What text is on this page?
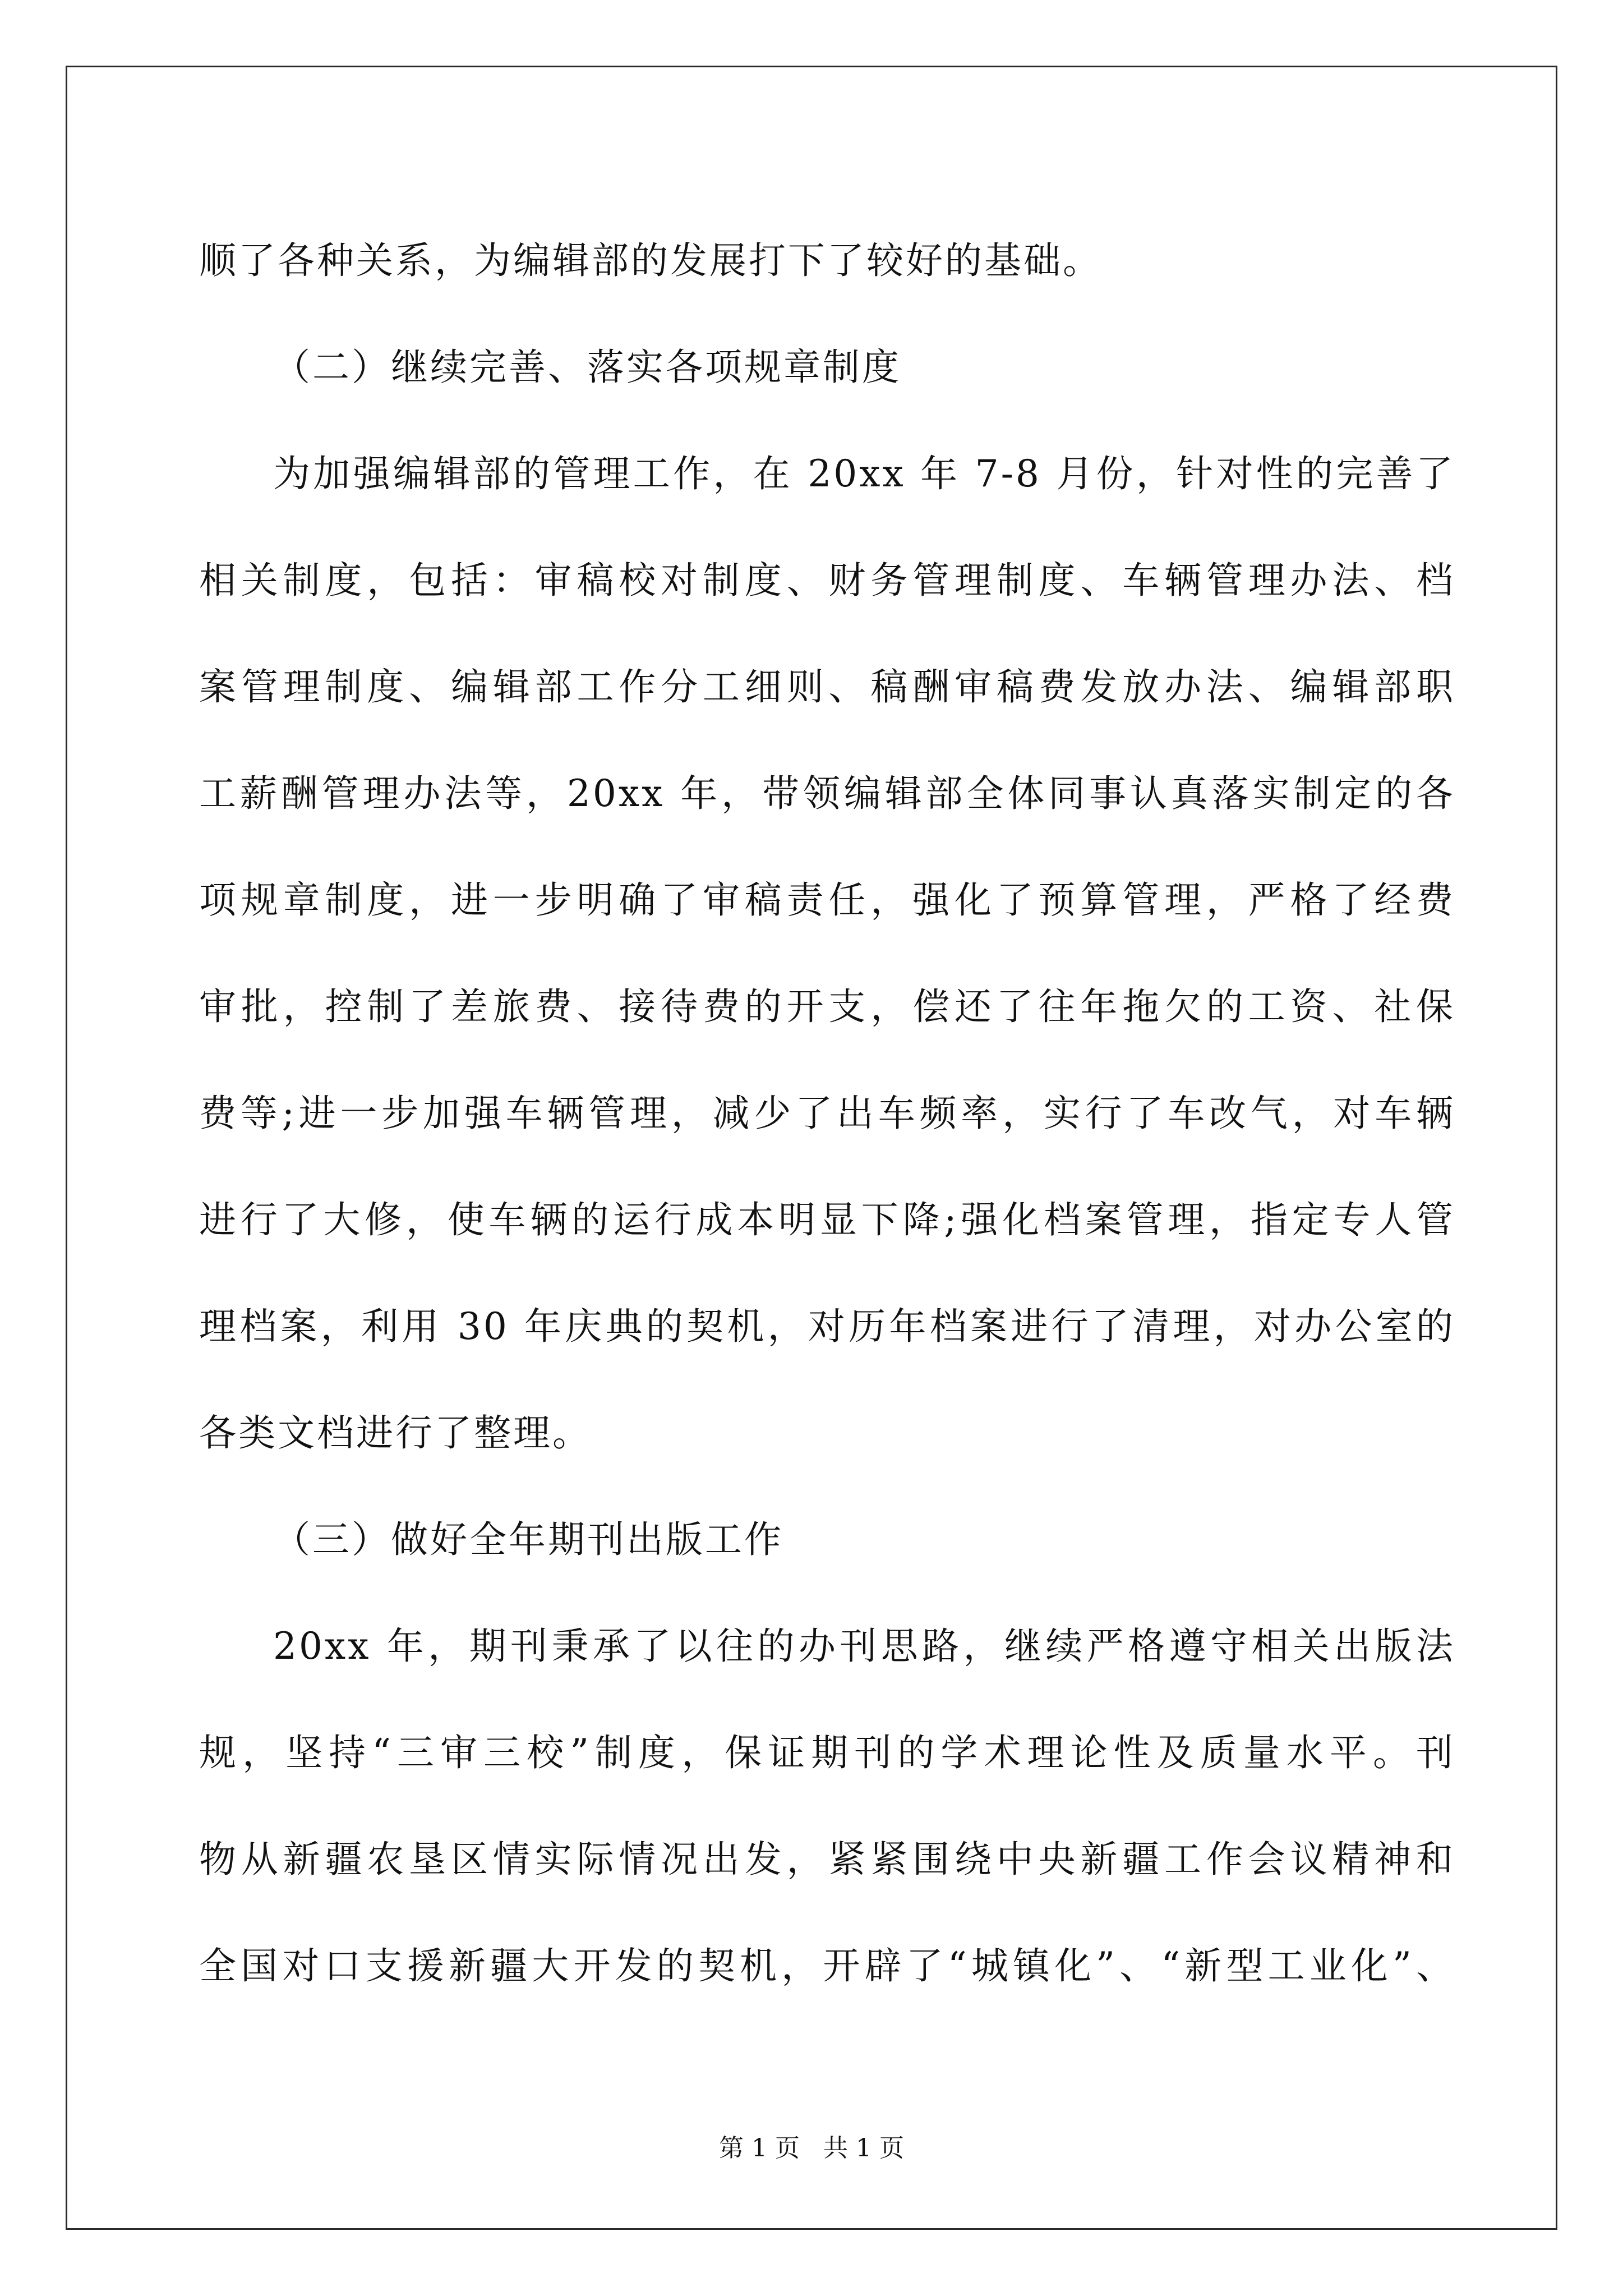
顺了各种关系，为编辑部的发展打下了较好的基础。
（二）继续完善、落实各项规章制度
为加强编辑部的管理工作，在 20xx 年 7-8 月份，针对性的完善了
相关制度，包括：审稿校对制度、财务管理制度、车辆管理办法、档
案管理制度、编辑部工作分工细则、稿酬审稿费发放办法、编辑部职
工薪酬管理办法等，20xx 年，带领编辑部全体同事认真落实制定的各
项规章制度，进一步明确了审稿责任，强化了预算管理，严格了经费
审批，控制了差旅费、接待费的开支，偿还了往年拖欠的工资、社保
费等;进一步加强车辆管理，减少了出车频率，实行了车改气，对车辆
进行了大修，使车辆的运行成本明显下降;强化档案管理，指定专人管
理档案，利用 30 年庆典的契机，对历年档案进行了清理，对办公室的
各类文档进行了整理。
（三）做好全年期刊出版工作
20xx 年，期刊秉承了以往的办刊思路，继续严格遵守相关出版法
规，坚持“三审三校”制度，保证期刊的学术理论性及质量水平。刊
物从新疆农垦区情实际情况出发，紧紧围绕中央新疆工作会议精神和
全国对口支援新疆大开发的契机，开辟了“城镇化”、“新型工业化”、
第 1 页   共 1 页
